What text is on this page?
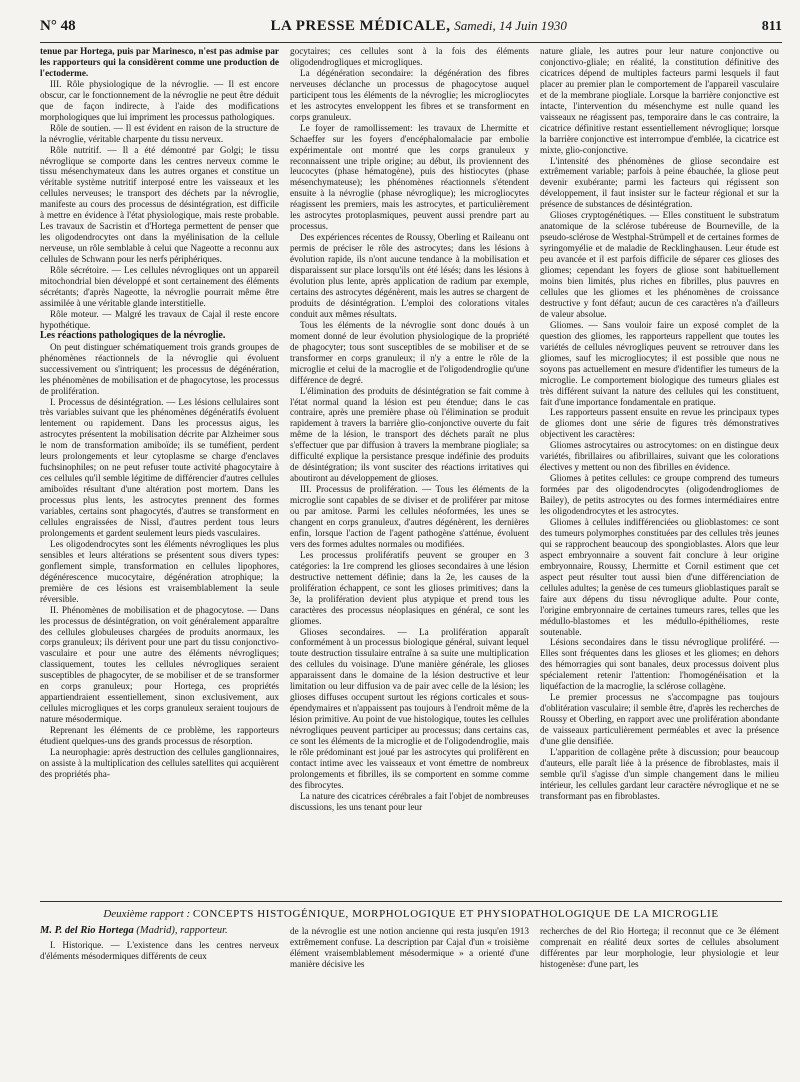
N° 48	LA PRESSE MÉDICALE, Samedi, 14 Juin 1930	811

tenue par Hortega, puis par Marinesco, n'est pas admise par les rapporteurs qui la considèrent comme une production de l'ectoderme.

III. Rôle physiologique de la névroglie. — Il est encore obscur, car le fonctionnement de la névroglie ne peut être déduit que de façon indirecte, à l'aide des modifications morphologiques que lui impriment les processus pathologiques.

Rôle de soutien. — Il est évident en raison de la structure de la névroglie, véritable charpente du tissu nerveux.

Rôle nutritif. — Il a été démontré par Golgi; le tissu névroglique se comporte dans les centres nerveux comme le tissu mésenchymateux dans les autres organes et constitue un véritable système nutritif interposé entre les vaisseaux et les cellules nerveuses; le transport des déchets par la névroglie, manifeste au cours des processus de désintégration, est difficile à mettre en évidence à l'état physiologique, mais reste probable. Les travaux de Sacristin et d'Hortega permettent de penser que les oligodendrocytes ont dans la myélinisation de la cellule nerveuse, un rôle semblable à celui que Nageotte a reconnu aux cellules de Schwann pour les nerfs périphériques.

Rôle sécrétoire. — Les cellules névrogliques ont un appareil mitochondrial bien développé et sont certainement des éléments sécrétants; d'après Nageotte, la névroglie pourrait même être assimilée à une véritable glande interstitielle.

Rôle moteur. — Malgré les travaux de Cajal il reste encore hypothétique.

Les réactions pathologiques de la névroglie.

On peut distinguer schématiquement trois grands groupes de phénomènes réactionnels de la névroglie qui évoluent successivement ou s'intriquent; les processus de dégénération, les phénomènes de mobilisation et de phagocytose, les processus de prolifération.

I. Processus de désintégration. — Les lésions cellulaires sont très variables suivant que les phénomènes dégénératifs évoluent lentement ou rapidement. Dans les processus aigus, les astrocytes présentent la mobilisation décrite par Alzheimer sous le nom de transformation amiboïde; ils se tuméfient, perdent leurs prolongements et leur cytoplasme se charge d'enclaves fuchsinophiles; on ne peut refuser toute activité phagocytaire à ces cellules qu'il semble légitime de différencier d'autres cellules amiboïdes résultant d'une altération post mortem. Dans les processus plus lents, les astrocytes prennent des formes variables, certains sont phagocytés, d'autres se transforment en cellules engraissées de Nissl, d'autres perdent tous leurs prolongements et gardent seulement leurs pieds vasculaires.

Les oligodendrocytes sont les éléments névrogliques les plus sensibles et leurs altérations se présentent sous divers types: gonflement simple, transformation en cellules lipophores, dégénérescence mucocytaire, dégénération atrophique; la première de ces lésions est vraisemblablement la seule réversible.

II. Phénomènes de mobilisation et de phagocytose. — Dans les processus de désintégration, on voit généralement apparaître des cellules globuleuses chargées de produits anormaux, les corps granuleux; ils dérivent pour une part du tissu conjonctivo-vasculaire et pour une autre des éléments névrogliques; classiquement, toutes les cellules névrogliques seraient susceptibles de phagocyter, de se mobiliser et de se transformer en corps granuleux; pour Hortega, ces propriétés appartiendraient essentiellement, sinon exclusivement, aux cellules microgliques et les corps granuleux seraient toujours de nature mésodermique.

Reprenant les éléments de ce problème, les rapporteurs étudient quelques-uns des grands processus de résorption.

La neurophagie: après destruction des cellules ganglionnaires, on assiste à la multiplication des cellules satellites qui acquièrent des propriétés pha-

gocytaires; ces cellules sont à la fois des éléments oligodendrogliques et microgliques.

La dégénération secondaire: la dégénération des fibres nerveuses déclanche un processus de phagocytose auquel participent tous les éléments de la névroglie; les microgliocytes et les astrocytes enveloppent les fibres et se transforment en corps granuleux.

Le foyer de ramollissement: les travaux de Lhermitte et Schaeffer sur les foyers d'encéphalomalacie par embolie expérimentale ont montré que les corps granuleux y reconnaissent une triple origine; au début, ils proviennent des leucocytes (phase hématogène), puis des histiocytes (phase mésenchymateuse); les phénomènes réactionnels s'étendent ensuite à la névroglie (phase névroglique); les microgliocytes réagissent les premiers, mais les astrocytes, et particulièrement les astrocytes protoplasmiques, peuvent aussi prendre part au processus.

Des expériences récentes de Roussy, Oberling et Raileanu ont permis de préciser le rôle des astrocytes; dans les lésions à évolution rapide, ils n'ont aucune tendance à la mobilisation et disparaissent sur place lorsqu'ils ont été lésés; dans les lésions à évolution plus lente, après application de radium par exemple, certains des astrocytes dégénèrent, mais les autres se chargent de produits de désintégration. L'emploi des colorations vitales conduit aux mêmes résultats.

Tous les éléments de la névroglie sont donc doués à un moment donné de leur évolution physiologique de la propriété de phagocyter; tous sont susceptibles de se mobiliser et de se transformer en corps granuleux; il n'y a entre le rôle de la microglie et celui de la macroglie et de l'oligodendroglie qu'une différence de degré.

L'élimination des produits de désintégration se fait comme à l'état normal quand la lésion est peu étendue; dans le cas contraire, après une première phase où l'élimination se produit rapidement à travers la barrière glio-conjonctive ouverte du fait même de la lésion, le transport des déchets paraît ne plus s'effectuer que par diffusion à travers la membrane piogliale; sa difficulté explique la persistance presque indéfinie des produits de désintégration; ils vont susciter des réactions irritatives qui aboutiront au développement de glioses.

III. Processus de prolifération. — Tous les éléments de la microglie sont capables de se diviser et de proliférer par mitose ou par amitose. Parmi les cellules néoformées, les unes se changent en corps granuleux, d'autres dégénèrent, les dernières enfin, lorsque l'action de l'agent pathogène s'atténue, évoluent vers des formes adultes normales ou modifiées.

Les processus prolifératifs peuvent se grouper en 3 catégories: la 1re comprend les glioses secondaires à une lésion destructive nettement définie; dans la 2e, les causes de la prolifération échappent, ce sont les glioses primitives; dans la 3e, la prolifération devient plus atypique et prend tous les caractères des processus néoplasiques en général, ce sont les gliomes.

Glioses secondaires. — La prolifération apparaît conformément à un processus biologique général, suivant lequel toute destruction tissulaire entraîne à sa suite une multiplication des cellules du voisinage. D'une manière générale, les glioses apparaissent dans le domaine de la lésion destructive et leur limitation ou leur diffusion va de pair avec celle de la lésion; les glioses diffuses occupent surtout les régions corticales et sous-épendymaires et n'appaissent pas toujours à l'endroit même de la lésion primitive. Au point de vue histologique, toutes les cellules névrogliques peuvent participer au processus; dans certains cas, ce sont les éléments de la microglie et de l'oligodendroglie, mais le rôle prédominant est joué par les astrocytes qui prolifèrent en contact intime avec les vaisseaux et vont émettre de nombreux prolongements et fibrilles, ils se comportent en somme comme des fibrocytes.

La nature des cicatrices cérébrales a fait l'objet de nombreuses discussions, les uns tenant pour leur

nature gliale, les autres pour leur nature conjonctive ou conjonctivo-gliale; en réalité, la constitution définitive des cicatrices dépend de multiples facteurs parmi lesquels il faut placer au premier plan le comportement de l'appareil vasculaire et de la membrane piogliale. Lorsque la barrière conjonctive est intacte, l'intervention du mésenchyme est nulle quand les vaisseaux ne réagissent pas, temporaire dans le cas contraire, la cicatrice définitive restant essentiellement névroglique; lorsque la barrière conjonctive est interrompue d'emblée, la cicatrice est mixte, glio-conjonctive.

L'intensité des phénomènes de gliose secondaire est extrêmement variable; parfois à peine ébauchée, la gliose peut devenir exubérante; parmi les facteurs qui régissent son développement, il faut insister sur le facteur régional et sur la présence de substances de désintégration.

Glioses cryptogénétiques. — Elles constituent le substratum anatomique de la sclérose tubéreuse de Bourneville, de la pseudo-sclérose de Westphal-Strümpell et de certaines formes de syringomyélie et de maladie de Recklinghausen. Leur étude est peu avancée et il est parfois difficile de séparer ces glioses des gliomes; cependant les foyers de gliose sont habituellement moins bien limités, plus riches en fibrilles, plus pauvres en cellules que les gliomes et les phénomènes de croissance destructive y font défaut; aucun de ces caractères n'a d'ailleurs de valeur absolue.

Gliomes. — Sans vouloir faire un exposé complet de la question des gliomes, les rapporteurs rappellent que toutes les variétés de cellules névrogliques peuvent se retrouver dans les gliomes, sauf les microgliocytes; il est possible que nous ne soyons pas actuellement en mesure d'identifier les tumeurs de la microglie. Le comportement biologique des tumeurs gliales est très différent suivant la nature des cellules qui les constituent, fait d'une importance fondamentale en pratique.

Les rapporteurs passent ensuite en revue les principaux types de gliomes dont une série de figures très démonstratives objectivent les caractères:

Gliomes astrocytaires ou astrocytomes: on en distingue deux variétés, fibrillaires ou afibrillaires, suivant que les colorations électives y mettent ou non des fibrilles en évidence.

Gliomes à petites cellules: ce groupe comprend des tumeurs formées par des oligodendrocytes (oligodendrogliomes de Bailey), de petits astrocytes ou des formes intermédiaires entre les oligodendrocytes et les astrocytes.

Gliomes à cellules indifférenciées ou glioblastomes: ce sont des tumeurs polymorphes constituées par des cellules très jeunes qui se rapprochent beaucoup des spongioblastes. Alors que leur aspect embryonnaire a souvent fait conclure à leur origine embryonnaire, Roussy, Lhermitte et Cornil estiment que cet aspect peut résulter tout aussi bien d'une différenciation de cellules adultes; la genèse de ces tumeurs glioblastiques paraît se faire aux dépens du tissu névroglique adulte. Pour conte, l'origine embryonnaire de certaines tumeurs rares, telles que les médullo-blastomes et les médullo-épithéliomes, reste soutenable.

Lésions secondaires dans le tissu névroglique proliféré. — Elles sont fréquentes dans les glioses et les gliomes; en dehors des hémorragies qui sont banales, deux processus doivent plus spécialement retenir l'attention: l'homogénéisation et la liquéfaction de la macroglie, la sclérose collagène.

Le premier processus ne s'accompagne pas toujours d'oblitération vasculaire; il semble être, d'après les recherches de Roussy et Oberling, en rapport avec une prolifération abondante de vaisseaux particulièrement perméables et avec la présence d'une glie densifiée.

L'apparition de collagène prête à discussion; pour beaucoup d'auteurs, elle paraît liée à la présence de fibroblastes, mais il semble qu'il s'agisse d'un simple changement dans le milieu intérieur, les cellules gardant leur caractère névroglique et ne se transformant pas en fibroblastes.

Deuxième rapport : CONCEPTS HISTOGÉNIQUE, MORPHOLOGIQUE ET PHYSIOPATHOLOGIQUE DE LA MICROGLIE
M. P. del Rio Hortega (Madrid), rapporteur.

I. Historique. — L'existence dans les centres nerveux d'éléments mésodermiques différents de ceux

de la névroglie est une notion ancienne qui resta jusqu'en 1913 extrêmement confuse. La description par Cajal d'un « troisième élément vraisemblablement mésodermique » a orienté d'une manière décisive les

recherches de del Rio Hortega; il reconnut que ce 3e élément comprenait en réalité deux sortes de cellules absolument différentes par leur morphologie, leur physiologie et leur histogenèse: d'une part, les
